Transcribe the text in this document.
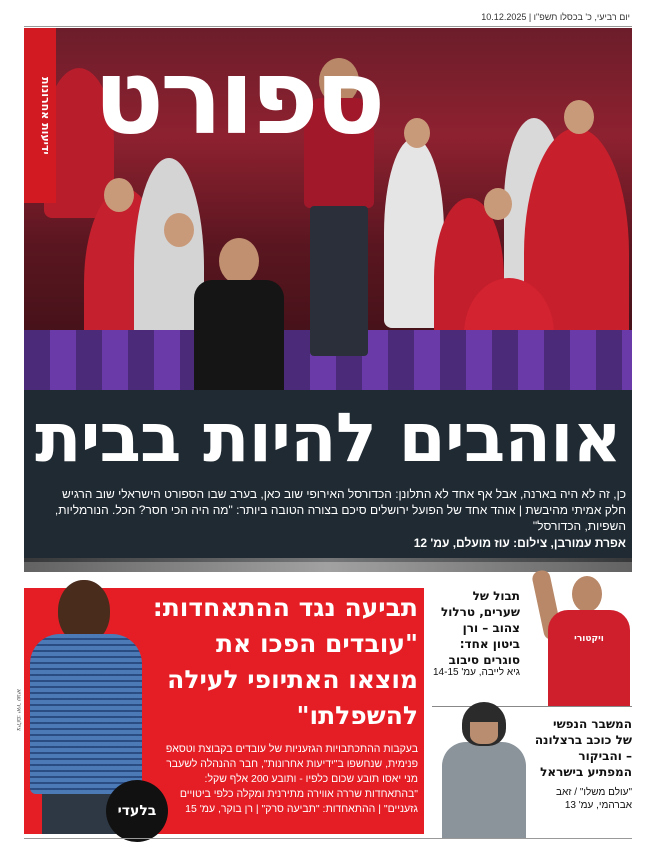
יום רביעי, כ' בכסלו תשפ"ו | 10.12.2025
ידיעות אחרונות ספורט
אוהבים להיות בבית
כן, זה לא היה בארנה, אבל אף אחד לא התלונן: הכדורסל האירופי שוב כאן, בערב שבו הספורט הישראלי שוב הרגיש חלק אמיתי מהיבשת | אוהד אחד של הפועל ירושלים סיכם בצורה הטובה ביותר: "מה היה הכי חסר? הכל. הנורמליות, השפיות, הכדורסל"
אפרת עמורבן, צילום: עוז מועלם, עמ' 12
תביעה נגד ההתאחדות: "עובדים הפכו את מוצאו האתיופי לעילה להשפלתו"
בעקבות ההתכתבויות הגזעניות של עובדים בקבוצת וטסאפ פנימית, שנחשפו ב"ידיעות אחרונות", חבר ההנהלה לשעבר מני יאסו תובע שכום כלפיו - ותובע 200 אלף שקל: "בהתאחדות שררה אווירה מתירנית ומקלה כלפי ביטויים גזעניים" | ההתאחדות: "תביעה סרק" | רן בוקר, עמ' 15
בלעדי
צילום: יאיר שגיא
תבול של שערים, טרלול צהוב – ורן ביטון אחד: סוגרים סיבוב
גיא לייבה, עמ' 14-15
ויקטורי
המשבר הנפשי של כוכב ברצלונה – והביקור המפתיע בישראל
"עולם משלו" / זאב אברהמי, עמ' 13
